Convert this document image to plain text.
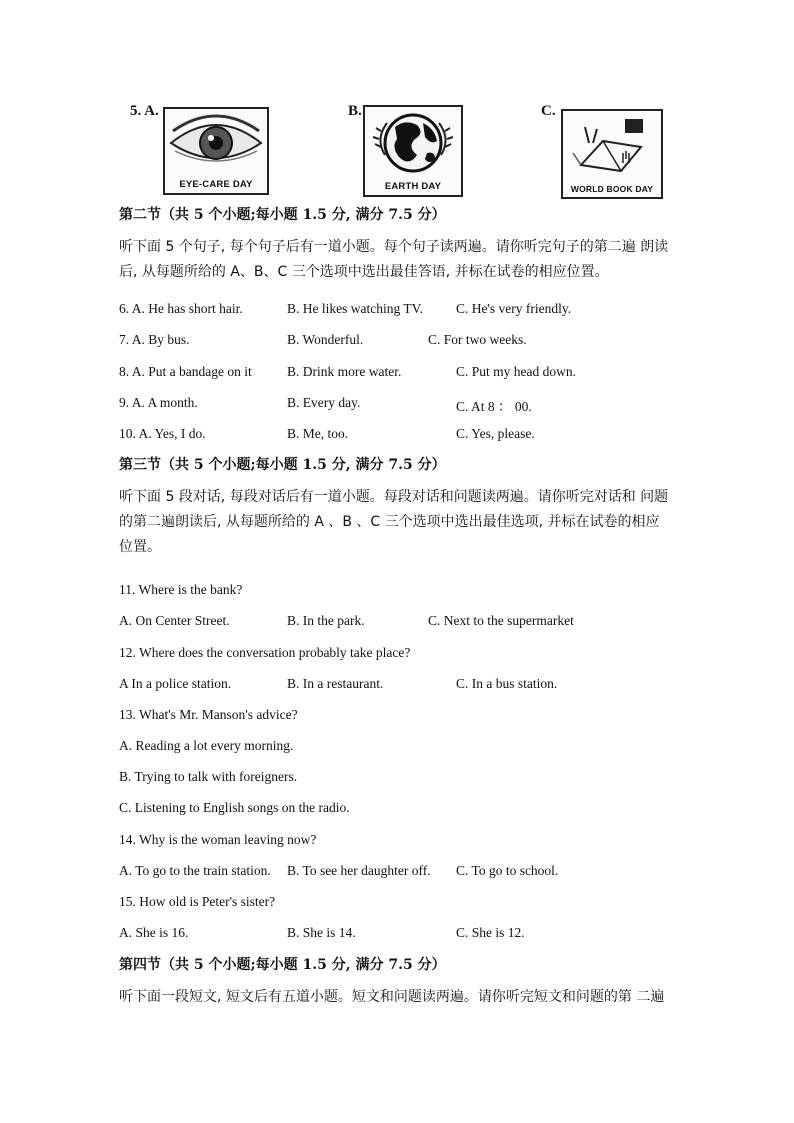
5. A.
EYE-CARE DAY
B.
EARTH DAY
C.
WORLD BOOK DAY
第二节（共 5 个小题;每小题 1.5 分, 满分 7.5 分）
听下面 5 个句子, 每个句子后有一道小题。每个句子读两遍。请你听完句子的第二遍 朗读
后, 从每题所给的 A、B、C 三个选项中选出最佳答语, 并标在试卷的相应位置。
6. A. He has short hair.	B. He likes watching TV. C. He's very friendly.
7. A. By bus.	B. Wonderful.	C. For two weeks.
8. A. Put a bandage on it	B. Drink more water.	C. Put my head down.
9. A. A month.	B. Every day.	C. At 8 ： 00.
10. A. Yes, I do.	B. Me, too.	C. Yes, please.
第三节（共 5 个小题;每小题 1.5 分, 满分 7.5 分）
听下面 5 段对话, 每段对话后有一道小题。每段对话和问题读两遍。请你听完对话和 问题
的第二遍朗读后, 从每题所给的 A 、B 、C 三个选项中选出最佳选项, 并标在试卷的相应
位置。
11. Where is the bank?
A. On Center Street.	B. In the park.	C. Next to the supermarket
12. Where does the conversation probably take place?
A In a police station.	B. In a restaurant.	C. In a bus station.
13. What's Mr. Manson's advice?
A. Reading a lot every morning.
B. Trying to talk with foreigners.
C. Listening to English songs on the radio.
14. Why is the woman leaving now?
A. To go to the train station. B. To see her daughter off. C. To go to school.
15. How old is Peter's sister?
A. She is 16.	B. She is 14.	C. She is 12.
第四节（共 5 个小题;每小题 1.5 分, 满分 7.5 分）
听下面一段短文, 短文后有五道小题。短文和问题读两遍。请你听完短文和问题的第 二遍
